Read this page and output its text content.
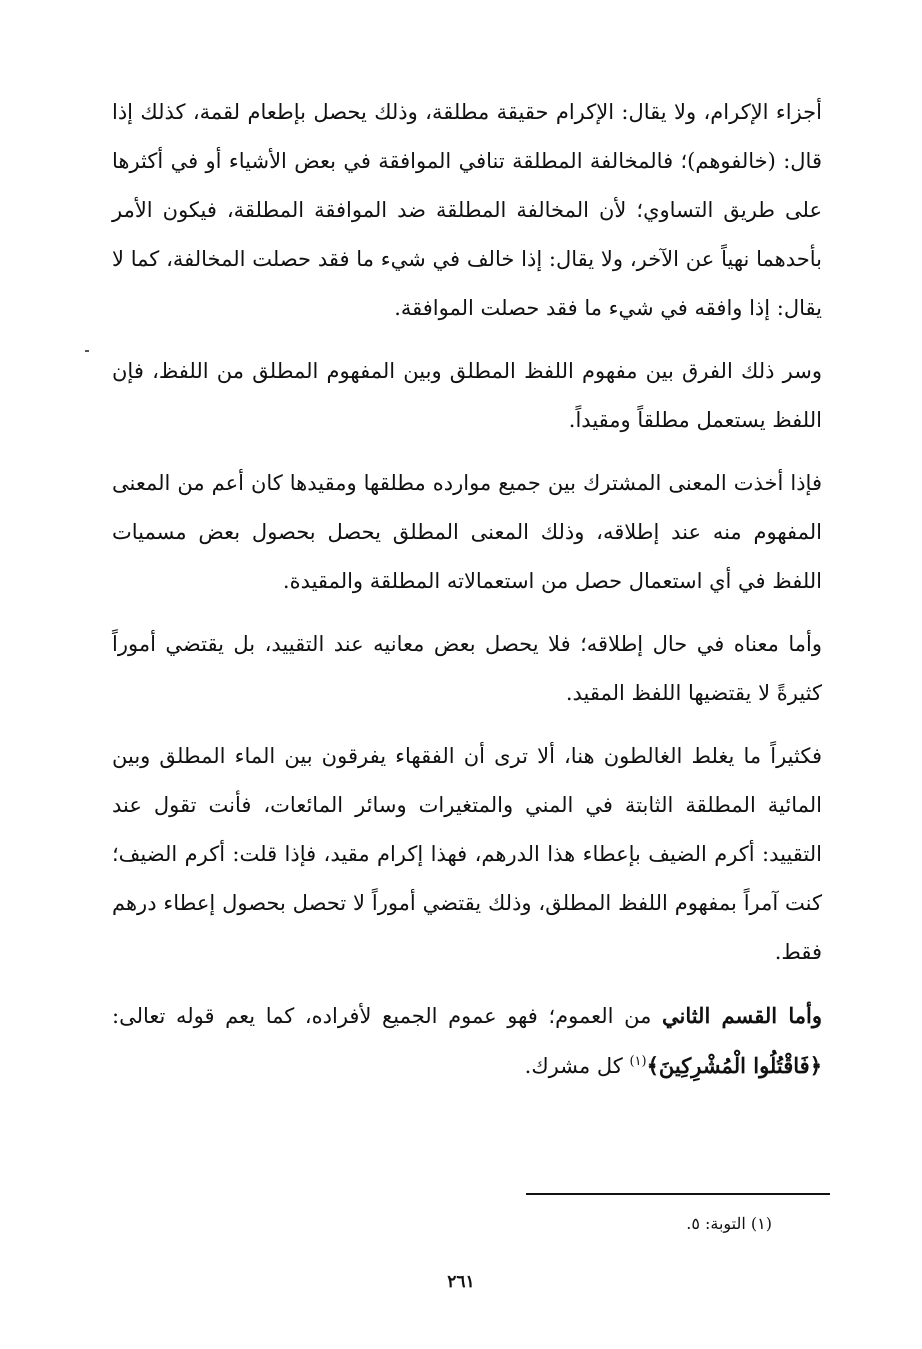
أجزاء الإكرام، ولا يقال: الإكرام حقيقة مطلقة، وذلك يحصل بإطعام لقمة، كذلك إذا قال: (خالفوهم)؛ فالمخالفة المطلقة تنافي الموافقة في بعض الأشياء أو في أكثرها على طريق التساوي؛ لأن المخالفة المطلقة ضد الموافقة المطلقة، فيكون الأمر بأحدهما نهياً عن الآخر، ولا يقال: إذا خالف في شيء ما فقد حصلت المخالفة، كما لا يقال: إذا وافقه في شيء ما فقد حصلت الموافقة.

وسر ذلك الفرق بين مفهوم اللفظ المطلق وبين المفهوم المطلق من اللفظ، فإن اللفظ يستعمل مطلقاً ومقيداً.

فإذا أخذت المعنى المشترك بين جميع موارده مطلقها ومقيدها كان أعم من المعنى المفهوم منه عند إطلاقه، وذلك المعنى المطلق يحصل بحصول بعض مسميات اللفظ في أي استعمال حصل من استعمالاته المطلقة والمقيدة.

وأما معناه في حال إطلاقه؛ فلا يحصل بعض معانيه عند التقييد، بل يقتضي أموراً كثيرةً لا يقتضيها اللفظ المقيد.

فكثيراً ما يغلط الغالطون هنا، ألا ترى أن الفقهاء يفرقون بين الماء المطلق وبين المائية المطلقة الثابتة في المني والمتغيرات وسائر المائعات، فأنت تقول عند التقييد: أكرم الضيف بإعطاء هذا الدرهم، فهذا إكرام مقيد، فإذا قلت: أكرم الضيف؛ كنت آمراً بمفهوم اللفظ المطلق، وذلك يقتضي أموراً لا تحصل بحصول إعطاء درهم فقط.

وأما القسم الثاني من العموم؛ فهو عموم الجميع لأفراده، كما يعم قوله تعالى: ﴿فَاقْتُلُوا الْمُشْرِكِينَ﴾$^{(١)}$ كل مشرك.

(١) التوبة: ٥.
٢٦١
